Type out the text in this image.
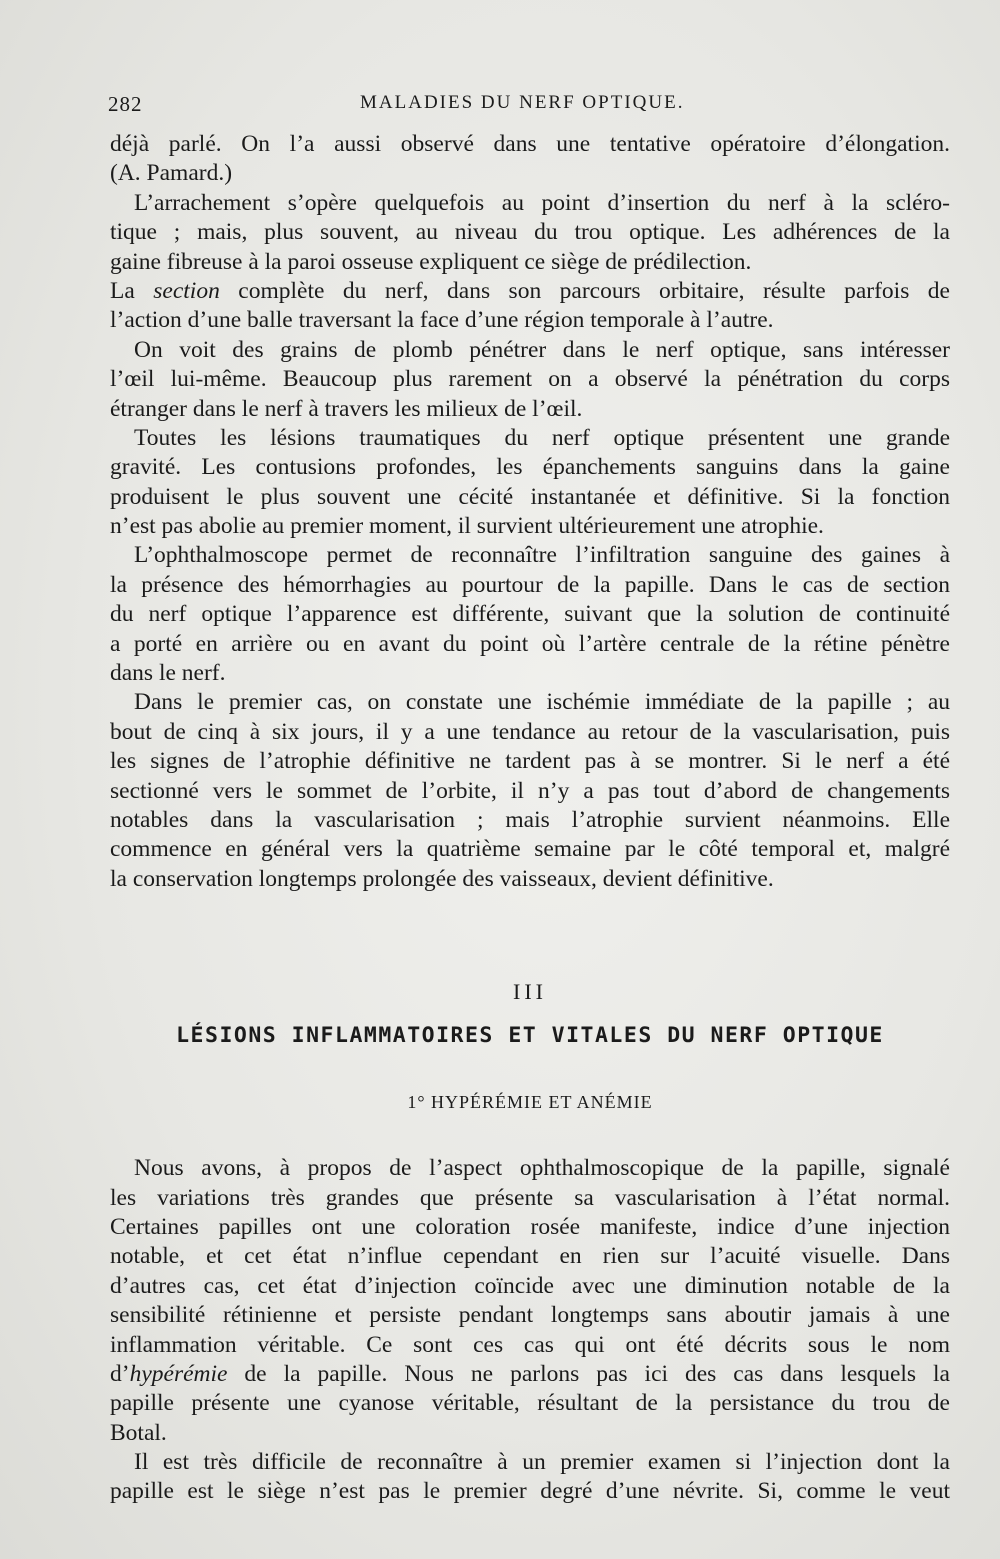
282	MALADIES DU NERF OPTIQUE.
déjà parlé. On l’a aussi observé dans une tentative opératoire d’élongation.
(A. Pamard.)
L’arrachement s’opère quelquefois au point d’insertion du nerf à la scléro-
tique ; mais, plus souvent, au niveau du trou optique. Les adhérences de la
gaine fibreuse à la paroi osseuse expliquent ce siège de prédilection.
La section complète du nerf, dans son parcours orbitaire, résulte parfois de
l’action d’une balle traversant la face d’une région temporale à l’autre.
On voit des grains de plomb pénétrer dans le nerf optique, sans intéresser
l’œil lui-même. Beaucoup plus rarement on a observé la pénétration du corps
étranger dans le nerf à travers les milieux de l’œil.
Toutes les lésions traumatiques du nerf optique présentent une grande
gravité. Les contusions profondes, les épanchements sanguins dans la gaine
produisent le plus souvent une cécité instantanée et définitive. Si la fonction
n’est pas abolie au premier moment, il survient ultérieurement une atrophie.
L’ophthalmoscope permet de reconnaître l’infiltration sanguine des gaines à
la présence des hémorrhagies au pourtour de la papille. Dans le cas de section
du nerf optique l’apparence est différente, suivant que la solution de continuité
a porté en arrière ou en avant du point où l’artère centrale de la rétine pénètre
dans le nerf.
Dans le premier cas, on constate une ischémie immédiate de la papille ; au
bout de cinq à six jours, il y a une tendance au retour de la vascularisation, puis
les signes de l’atrophie définitive ne tardent pas à se montrer. Si le nerf a été
sectionné vers le sommet de l’orbite, il n’y a pas tout d’abord de changements
notables dans la vascularisation ; mais l’atrophie survient néanmoins. Elle
commence en général vers la quatrième semaine par le côté temporal et, malgré
la conservation longtemps prolongée des vaisseaux, devient définitive.
III
LÉSIONS INFLAMMATOIRES ET VITALES DU NERF OPTIQUE
1° HYPÉRÉMIE ET ANÉMIE
Nous avons, à propos de l’aspect ophthalmoscopique de la papille, signalé
les variations très grandes que présente sa vascularisation à l’état normal.
Certaines papilles ont une coloration rosée manifeste, indice d’une injection
notable, et cet état n’influe cependant en rien sur l’acuité visuelle. Dans
d’autres cas, cet état d’injection coïncide avec une diminution notable de la
sensibilité rétinienne et persiste pendant longtemps sans aboutir jamais à une
inflammation véritable. Ce sont ces cas qui ont été décrits sous le nom
d’hypérémie de la papille. Nous ne parlons pas ici des cas dans lesquels la
papille présente une cyanose véritable, résultant de la persistance du trou de
Botal.
Il est très difficile de reconnaître à un premier examen si l’injection dont la
papille est le siège n’est pas le premier degré d’une névrite. Si, comme le veut
